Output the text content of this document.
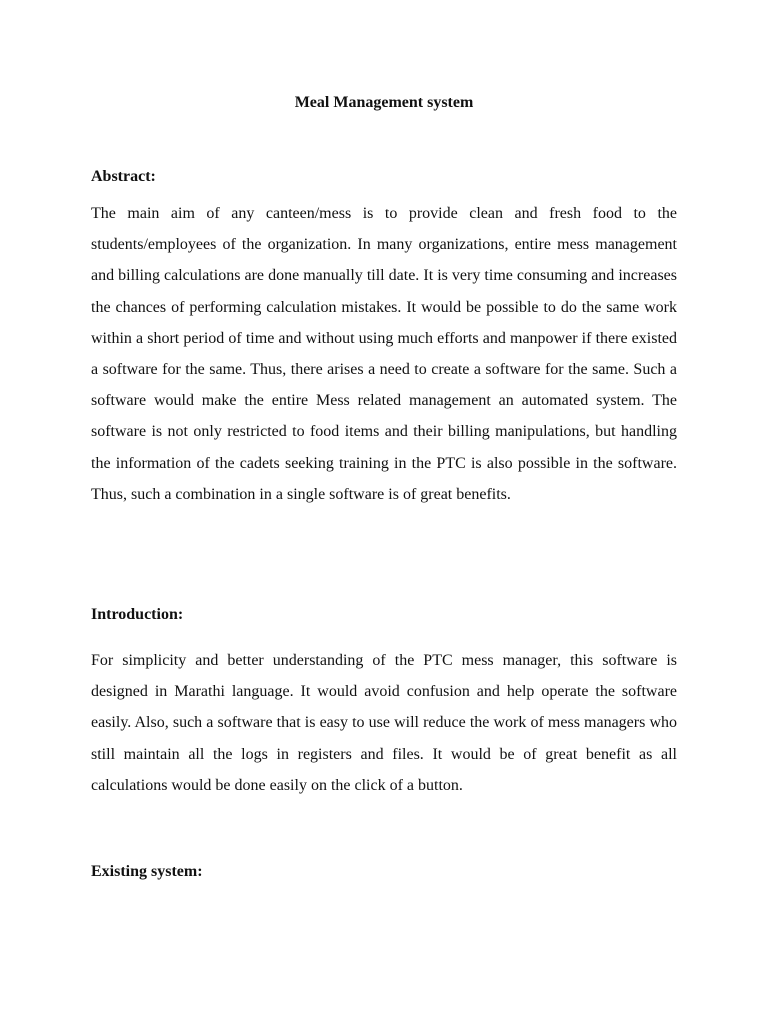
Meal Management system
Abstract:

The main aim of any canteen/mess is to provide clean and fresh food to the students/employees of the organization. In many organizations, entire mess management and billing calculations are done manually till date. It is very time consuming and increases the chances of performing calculation mistakes. It would be possible to do the same work within a short period of time and without using much efforts and manpower if there existed a software for the same. Thus, there arises a need to create a software for the same. Such a software would make the entire Mess related management an automated system. The software is not only restricted to food items and their billing manipulations, but handling the information of the cadets seeking training in the PTC is also possible in the software. Thus, such a combination in a single software is of great benefits.

Introduction:

For simplicity and better understanding of the PTC mess manager, this software is designed in Marathi language. It would avoid confusion and help operate the software easily. Also, such a software that is easy to use will reduce the work of mess managers who still maintain all the logs in registers and files. It would be of great benefit as all calculations would be done easily on the click of a button.

Existing system:
